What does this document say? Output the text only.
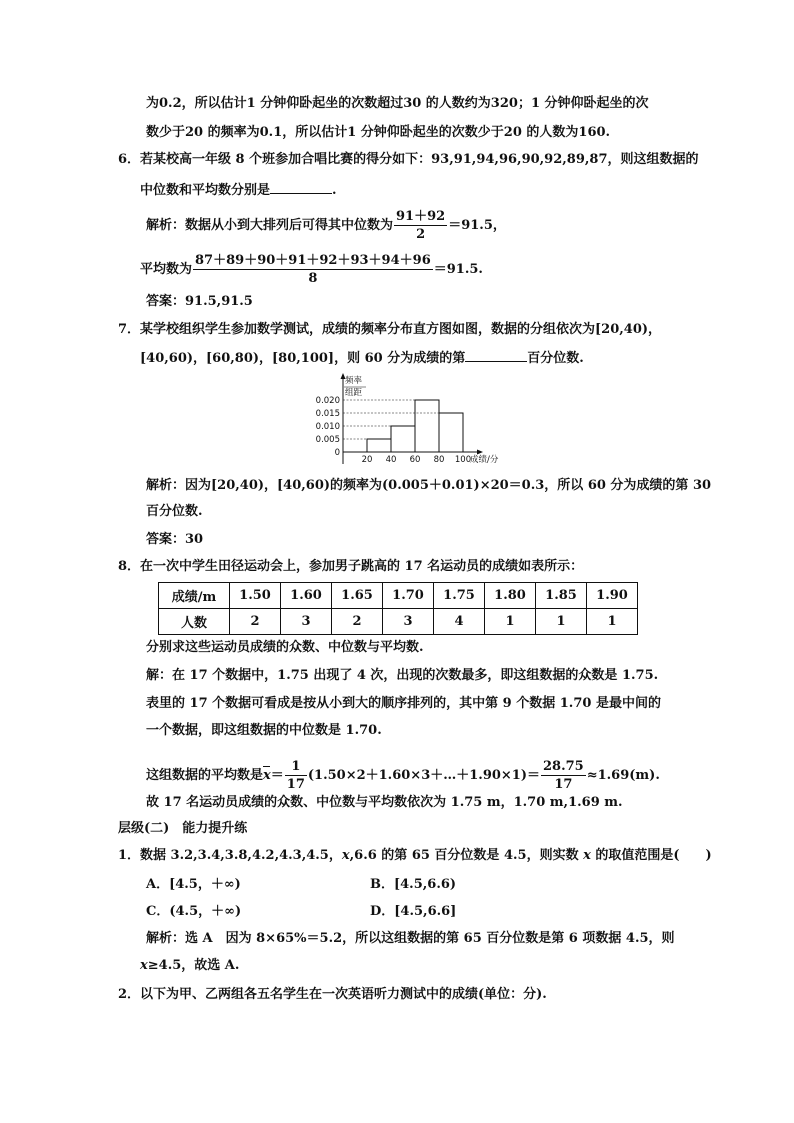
为0.2，所以估计1 分钟仰卧起坐的次数超过30 的人数约为320；1 分钟仰卧起坐的次
数少于20 的频率为0.1，所以估计1 分钟仰卧起坐的次数少于20 的人数为160.
6． 若某校高一年级 8 个班参加合唱比赛的得分如下：93,91,94,96,90,92,89,87，则这组数据的
中位数和平均数分别是	.
解析：数据从小到大排列后可得其中位数为 $\frac{91+92}{2} =91.5$，
平均数为 $\frac{87+89+90+91+92+93+94+96}{8} =91.5$.
答案：91.5,91.5
7． 某学校组织学生参加数学测试，成绩的频率分布直方图如图，数据的分组依次为[20,40)，
[40,60)，[60,80)，[80,100]，则 60 分为成绩的第	百分位数.
频率
组距
成绩/分
0
0.005
0.010
0.015
0.020
20 40 60 80 100
解析：因为[20,40)，[40,60)的频率为(0.005＋0.01)×20＝0.3，所以 60 分为成绩的第 30
百分位数.
答案：30
8． 在一次中学生田径运动会上，参加男子跳高的 17 名运动员的成绩如表所示：
成绩/m	1.50	1.60	1.65	1.70	1.75	1.80	1.85	1.90
人数	2	3	2	3	4	1	1	1
分别求这些运动员成绩的众数、中位数与平均数.
解：在 17 个数据中，1.75 出现了 4 次，出现的次数最多，即这组数据的众数是 1.75.
表里的 17 个数据可看成是按从小到大的顺序排列的，其中第 9 个数据 1.70 是最中间的
一个数据，即这组数据的中位数是 1.70.
这组数据的平均数是$x= \frac{1}{17}$ (1.50×2＋1.60×3＋…＋1.90×1)＝ $\frac{28.75}{17} \approx 1.69(m)$.
故 17 名运动员成绩的众数、中位数与平均数依次为 1.75 m，1.70 m,1.69 m.
层级(二)　能力提升练
1． 数据 3.2,3.4,3.8,4.2,4.3,4.5，x,6.6 的第 65 百分位数是 4.5，则实数 x 的取值范围是(　　)
A．[4.5，＋∞)	B．[4.5,6.6)
C．(4.5，＋∞)	D．[4.5,6.6]
解析：选 A　因为 8×65%＝5.2，所以这组数据的第 65 百分位数是第 6 项数据 4.5，则
x≥4.5，故选 A.
2． 以下为甲、乙两组各五名学生在一次英语听力测试中的成绩(单位：分).
